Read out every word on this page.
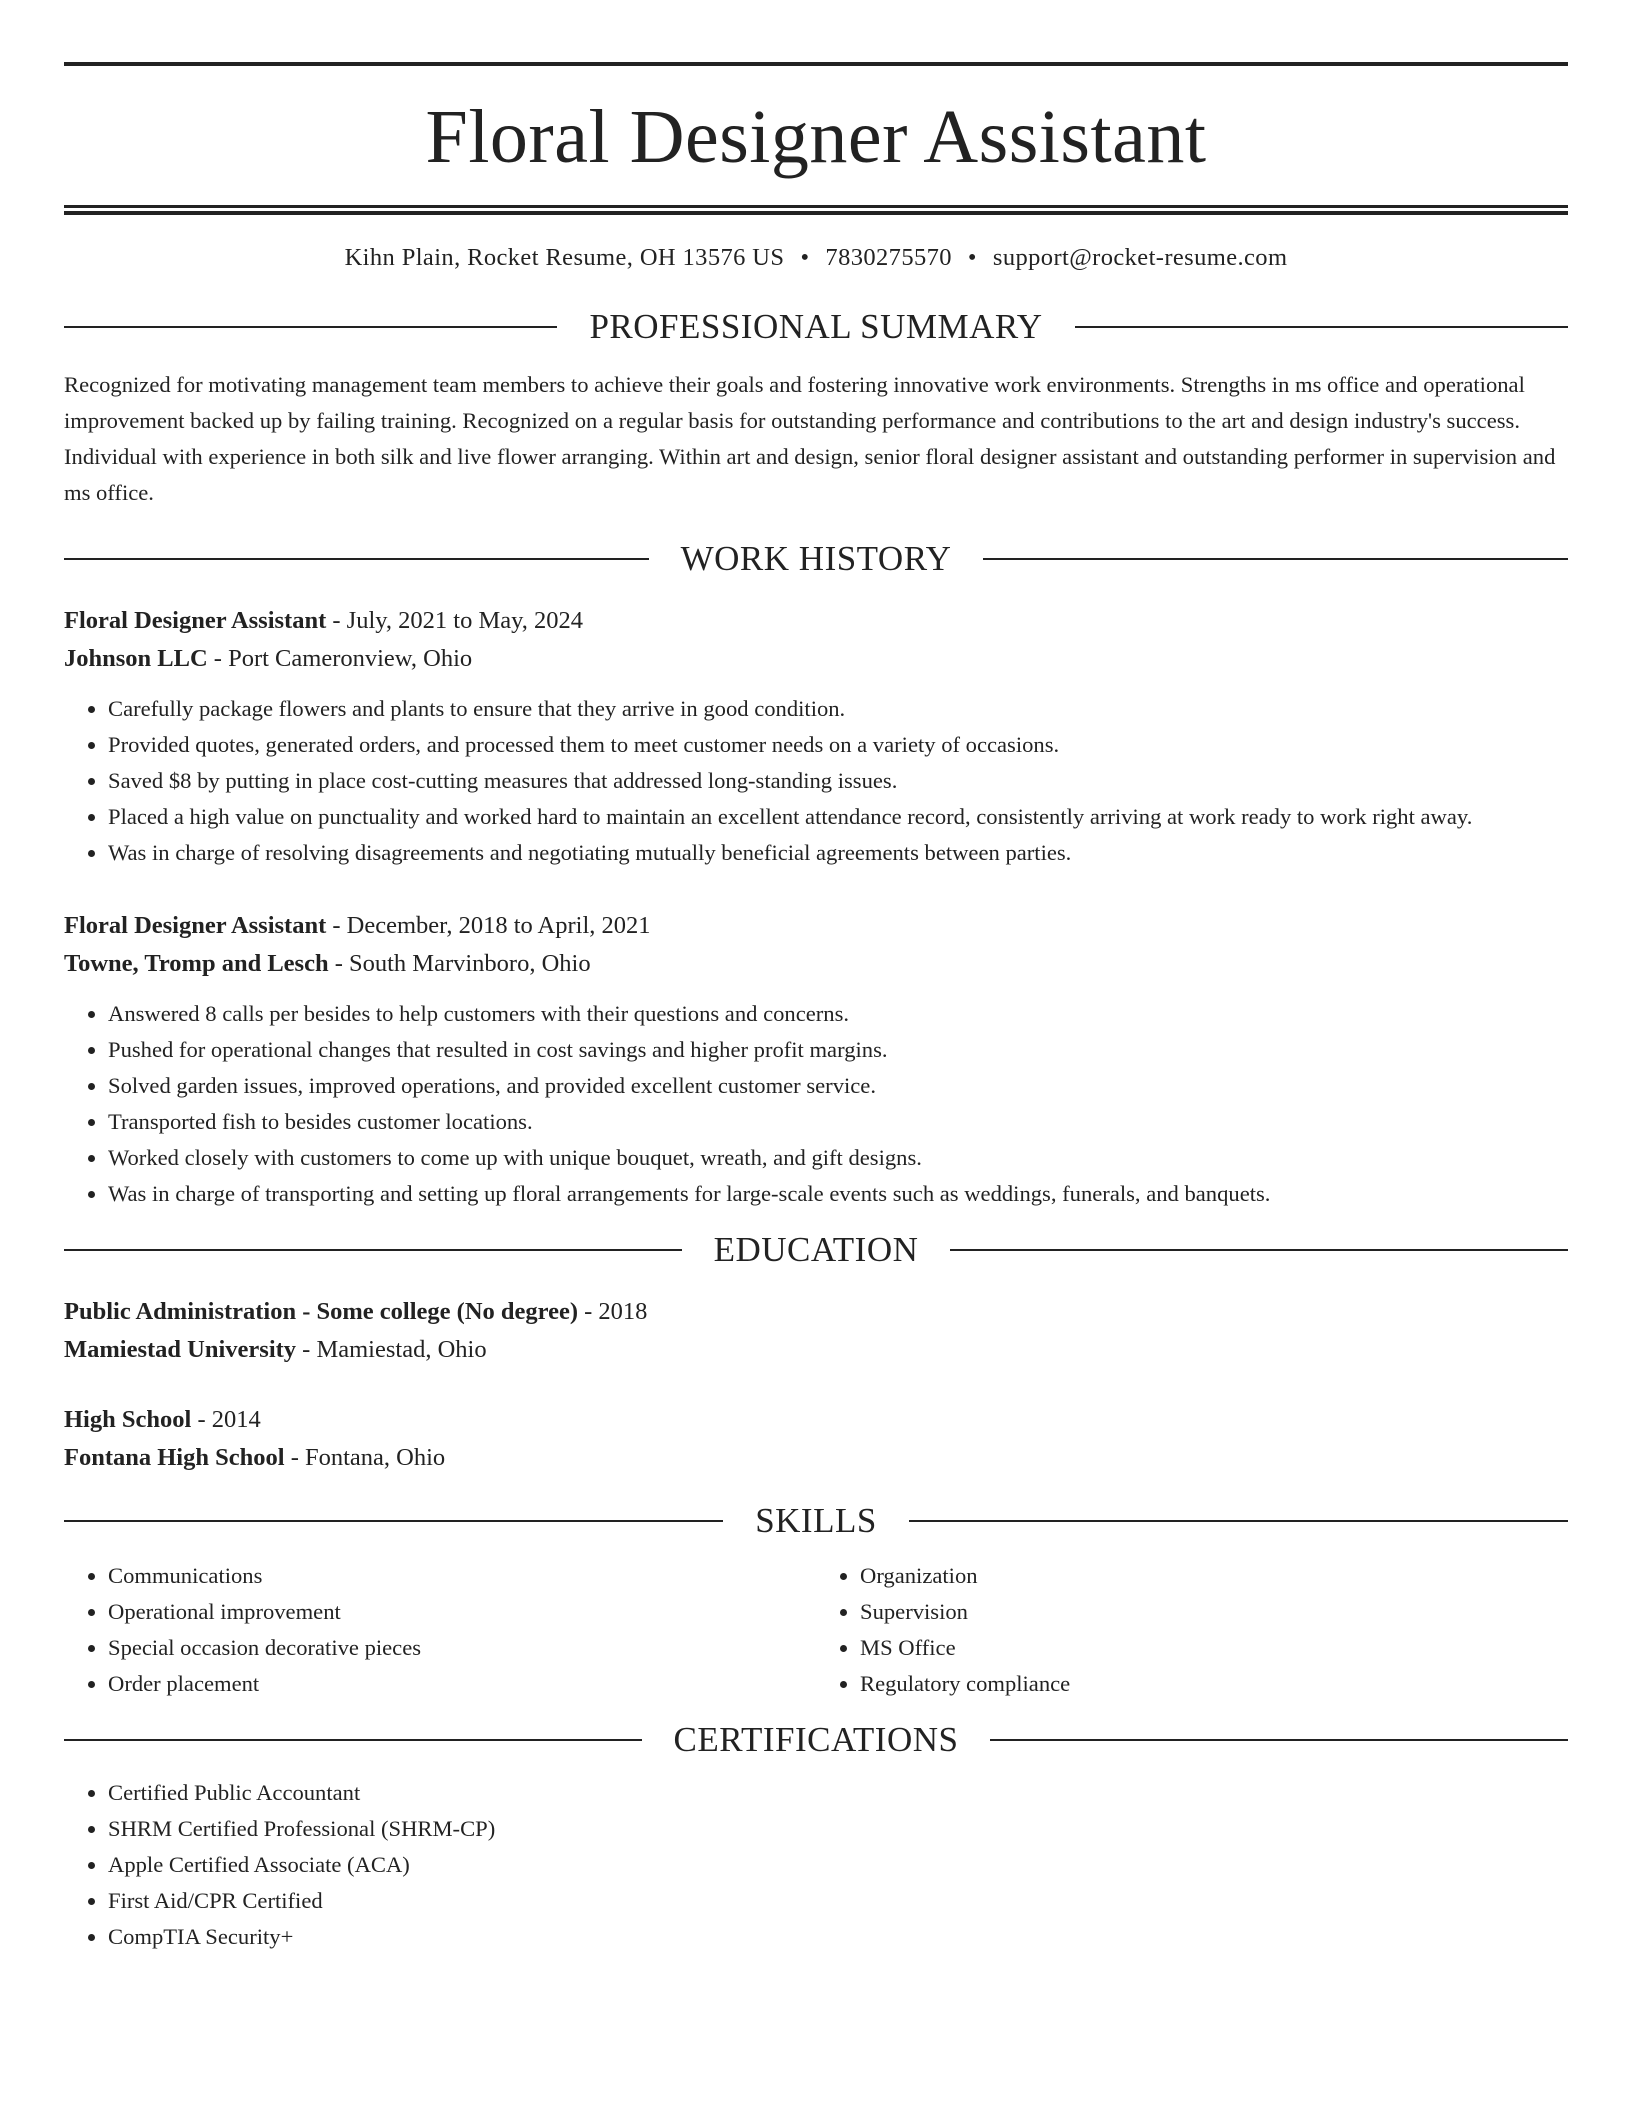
Floral Designer Assistant
Kihn Plain, Rocket Resume, OH 13576 US • 7830275570 • support@rocket-resume.com
PROFESSIONAL SUMMARY
Recognized for motivating management team members to achieve their goals and fostering innovative work environments. Strengths in ms office and operational improvement backed up by failing training. Recognized on a regular basis for outstanding performance and contributions to the art and design industry's success. Individual with experience in both silk and live flower arranging. Within art and design, senior floral designer assistant and outstanding performer in supervision and ms office.
WORK HISTORY
Floral Designer Assistant - July, 2021 to May, 2024
Johnson LLC - Port Cameronview, Ohio
• Carefully package flowers and plants to ensure that they arrive in good condition.
• Provided quotes, generated orders, and processed them to meet customer needs on a variety of occasions.
• Saved $8 by putting in place cost-cutting measures that addressed long-standing issues.
• Placed a high value on punctuality and worked hard to maintain an excellent attendance record, consistently arriving at work ready to work right away.
• Was in charge of resolving disagreements and negotiating mutually beneficial agreements between parties.
Floral Designer Assistant - December, 2018 to April, 2021
Towne, Tromp and Lesch - South Marvinboro, Ohio
• Answered 8 calls per besides to help customers with their questions and concerns.
• Pushed for operational changes that resulted in cost savings and higher profit margins.
• Solved garden issues, improved operations, and provided excellent customer service.
• Transported fish to besides customer locations.
• Worked closely with customers to come up with unique bouquet, wreath, and gift designs.
• Was in charge of transporting and setting up floral arrangements for large-scale events such as weddings, funerals, and banquets.
EDUCATION
Public Administration - Some college (No degree) - 2018
Mamiestad University - Mamiestad, Ohio
High School - 2014
Fontana High School - Fontana, Ohio
SKILLS
• Communications
• Operational improvement
• Special occasion decorative pieces
• Order placement
• Organization
• Supervision
• MS Office
• Regulatory compliance
CERTIFICATIONS
• Certified Public Accountant
• SHRM Certified Professional (SHRM-CP)
• Apple Certified Associate (ACA)
• First Aid/CPR Certified
• CompTIA Security+
